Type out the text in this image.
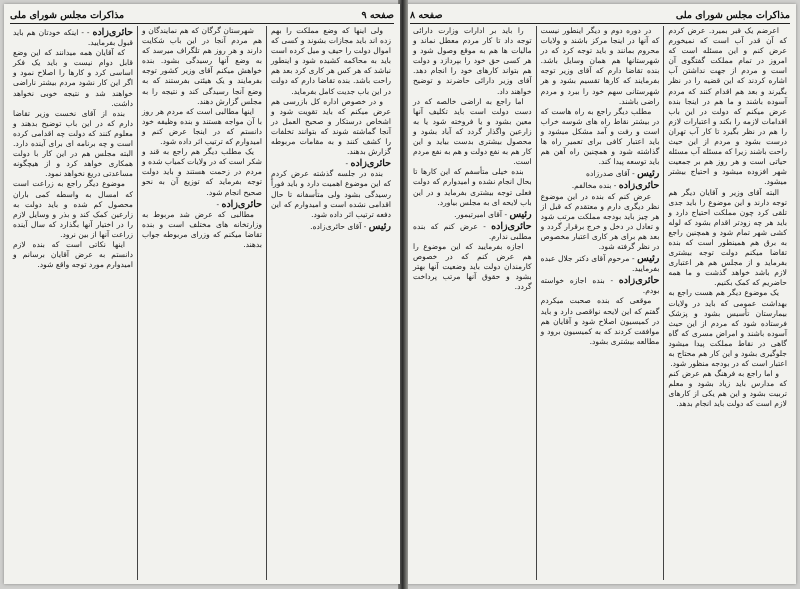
مذاکرات مجلس شورای ملی
صفحه ۸

اعرضم یک قبر بمیرد. عرض کردم که آن قدر آب است که نمیخورم عرض کنم و این مسئله است که امروز در تمام مملکت گفتگوی آن است و مردم از جهت نداشتن آب اشاره کردند که این قضیه را در نظر بگیرند و بعد هم اقدام کنند که مردم آسوده باشند و ما هم در اینجا بنده عرض میکنم که دولت در این باب اقدامات لازمه را بکند و اعتبارات لازم را هم در نظر بگیرد تا کار آب تهران درست بشود و مردم از این حیث راحت باشند زیرا که مسئله آب مسئله حیاتی است و هر روز هم بر جمعیت شهر افزوده میشود و احتیاج بیشتر میشود.

البته آقای وزیر و آقایان دیگر هم توجه دارند و این موضوع را باید جدی تلقی کرد چون مملکت احتیاج دارد و باید هر چه زودتر اقدام بشود که لوله کشی شهر تمام شود و همچنین راجع به برق هم همینطور است که بنده تقاضا میکنم دولت توجه بیشتری بفرماید و از مجلس هم هر اعتباری لازم باشد خواهد گذشت و ما همه حاضریم که کمک بکنیم.

یک موضوع دیگر هم هست راجع به بهداشت عمومی که باید در ولایات بیمارستان تأسیس بشود و پزشک فرستاده شود که مردم از این حیث آسوده باشند و امراض مسری که گاه گاهی در نقاط مملکت پیدا میشود جلوگیری بشود و این کار هم محتاج به اعتبار است که در بودجه منظور شود.

و اما راجع به فرهنگ هم عرض کنم که مدارس باید زیاد بشود و معلم تربیت بشود و این هم یکی از کارهای لازم است که دولت باید انجام بدهد.

در دوره دوم و دیگر اینطور نیست که آنها در اینجا مرکز باشند و ولایات محروم بمانند و باید توجه کرد که در شهرستانها هم همان وسایل باشد. بنده تقاضا دارم که آقای وزیر توجه بفرمایند که کارها تقسیم بشود و هر شهرستانی سهم خود را ببرد و مردم راضی باشند.

مطلب دیگر راجع به راه هاست که در بیشتر نقاط راه های شوسه خراب است و رفت و آمد مشکل میشود و باید اعتبار کافی برای تعمیر راه ها گذاشته شود و همچنین راه آهن هم باید توسعه پیدا کند.

رئیس - آقای صدرزاده
حائری‌زاده - بنده مخالفم.

عرض کنم که بنده در این موضوع نظر دیگری دارم و معتقدم که قبل از هر چیز باید بودجه مملکت مرتب شود و تعادل در دخل و خرج برقرار گردد و بعد هم برای هر کاری اعتبار مخصوص در نظر گرفته شود.

رئیس - مرحوم آقای دکتر جلال عبده بفرمایید.
حائری‌زاده - بنده اجازه خواسته بودم.

موقعی که بنده صحبت میکردم گفتم که این لایحه نواقصی دارد و باید در کمیسیون اصلاح شود و آقایان هم موافقت کردند که به کمیسیون برود و مطالعه بیشتری بشود.

را باید بر ادارات وزارت دارائی توجه داد تا کار مردم معطل نماند و مالیات ها هم به موقع وصول شود و هر کسی حق خود را بپردازد و دولت هم بتواند کارهای خود را انجام دهد. آقای وزیر دارائی حاضرند و توضیح خواهند داد.

اما راجع به اراضی خالصه که در دست دولت است باید تکلیف آنها معین بشود و یا فروخته شود یا به زارعین واگذار گردد که آباد بشود و محصول بیشتری بدست بیاید و این کار هم به نفع دولت و هم به نفع مردم است.

بنده خیلی متأسفم که این کارها تا بحال انجام نشده و امیدوارم که دولت فعلی توجه بیشتری بفرماید و در این باب لایحه ای به مجلس بیاورد.

رئیس - آقای امیرتیمور.
حائری‌زاده - عرض کنم که بنده مطلبی ندارم.

اجازه بفرمایید که این موضوع را هم عرض کنم که در خصوص کارمندان دولت باید وضعیت آنها بهتر بشود و حقوق آنها مرتب پرداخت گردد.

صفحه ۹
مذاکرات مجلس شورای ملی

ولی اینها که وضع مملکت را بهم زده اند باید مجازات بشوند و کسی که اموال دولت را حیف و میل کرده است باید به محاکمه کشیده شود و اینطور نباشد که هر کس هر کاری کرد بعد هم راحت باشد. بنده تقاضا دارم که دولت در این باب جدیت کامل بفرماید.

و در خصوص اداره کل بازرسی هم عرض میکنم که باید تقویت شود و اشخاص درستکار و صحیح العمل در آنجا گماشته شوند که بتوانند تخلفات را کشف کنند و به مقامات مربوطه گزارش بدهند.

حائری‌زاده -

بنده در جلسه گذشته عرض کردم که این موضوع اهمیت دارد و باید فوراً رسیدگی بشود ولی متأسفانه تا حال اقدامی نشده است و امیدوارم که این دفعه ترتیب اثر داده شود.

رئیس - آقای حائری‌زاده.

شهرستان گرگان که هم نمایندگان و هم مردم آنجا در این باب شکایت دارند و هر روز هم تلگراف میرسد که به وضع آنها رسیدگی بشود. بنده خواهش میکنم آقای وزیر کشور توجه بفرمایند و یک هیئتی بفرستند که به وضع آنجا رسیدگی کند و نتیجه را به مجلس گزارش دهند.

اینها مطالبی است که مردم هر روز با آن مواجه هستند و بنده وظیفه خود دانستم که در اینجا عرض کنم و امیدوارم که ترتیب اثر داده شود.

یک مطلب دیگر هم راجع به قند و شکر است که در ولایات کمیاب شده و مردم در زحمت هستند و باید دولت توجه بفرماید که توزیع آن به نحو صحیح انجام شود.

حائری‌زاده -

مطالبی که عرض شد مربوط به وزارتخانه های مختلف است و بنده تقاضا میکنم که وزرای مربوطه جواب بدهند.

حائری‌زاده - - اینکه خودتان هم باید قبول بفرمایید.

که آقایان همه میدانند که این وضع قابل دوام نیست و باید یک فکر اساسی کرد و کارها را اصلاح نمود و اگر این کار نشود مردم بیشتر ناراضی خواهند شد و نتیجه خوبی نخواهد داشت.

بنده از آقای نخست وزیر تقاضا دارم که در این باب توضیح بدهند و معلوم کنند که دولت چه اقدامی کرده است و چه برنامه ای برای آینده دارد. البته مجلس هم در این کار با دولت همکاری خواهد کرد و از هیچگونه مساعدتی دریغ نخواهد نمود.

موضوع دیگر راجع به زراعت است که امسال به واسطه کمی باران محصول کم شده و باید دولت به زارعین کمک کند و بذر و وسایل لازم را در اختیار آنها بگذارد که سال آینده زراعت آنها از بین نرود.

اینها نکاتی است که بنده لازم دانستم به عرض آقایان برسانم و امیدوارم مورد توجه واقع شود.
